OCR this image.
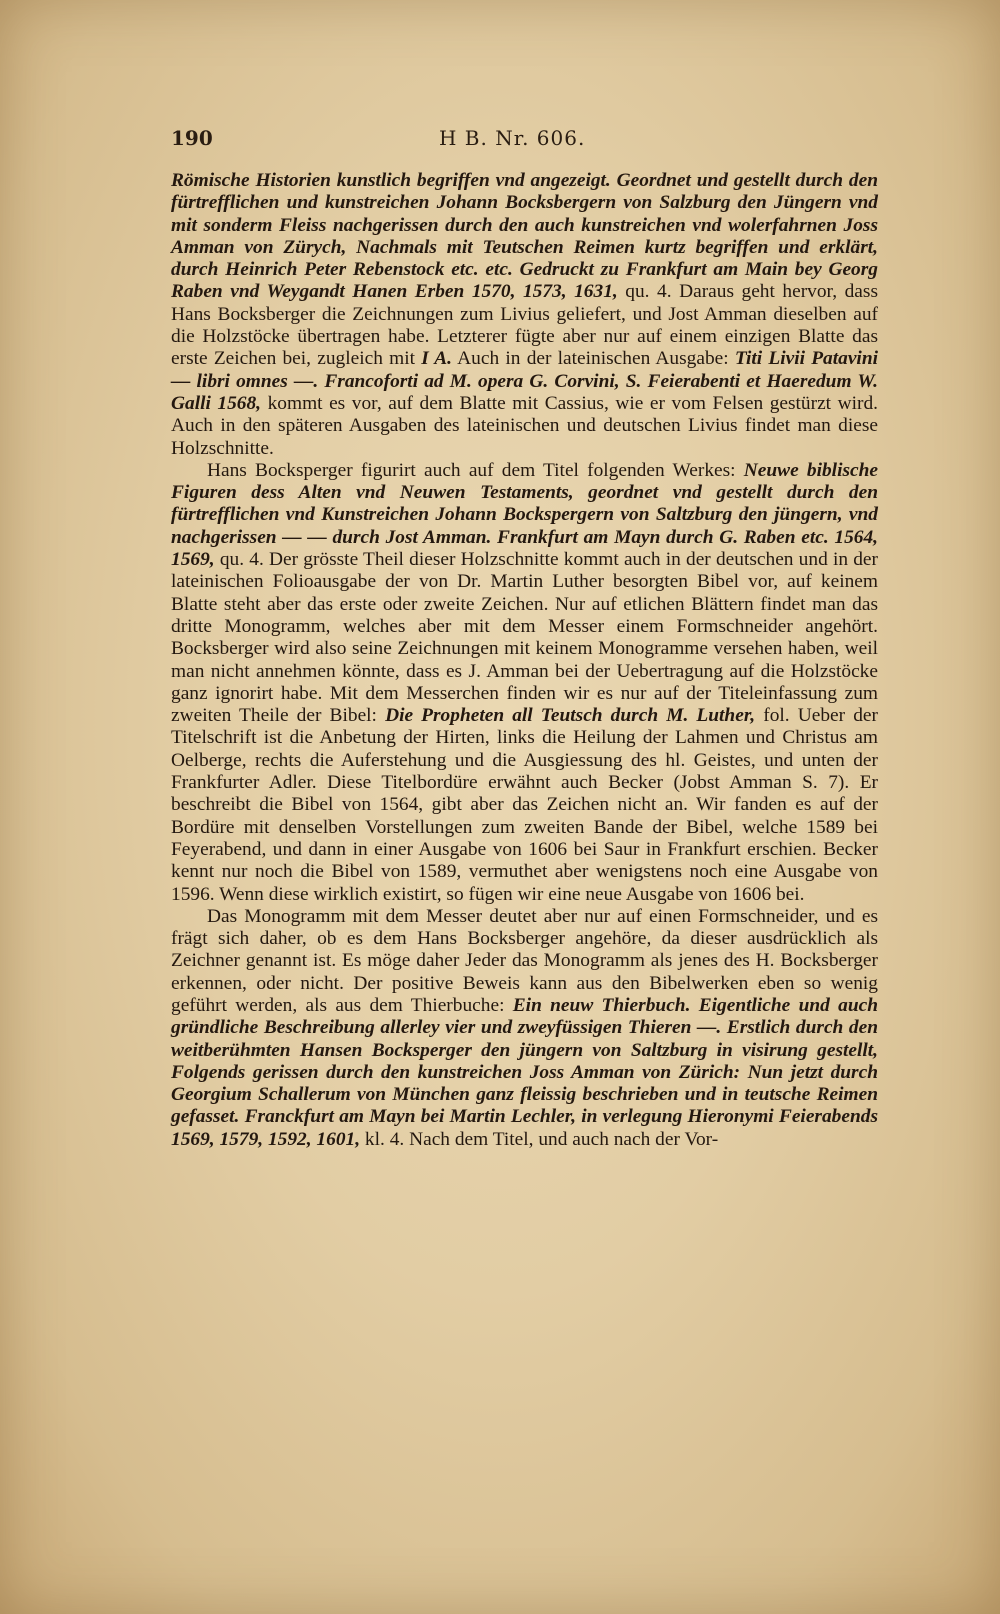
190	H B. Nr. 606.

Römische Historien kunstlich begriffen vnd angezeigt. Geordnet und gestellt durch den fürtrefflichen und kunstreichen Johann Bocksbergern von Salzburg den Jüngern vnd mit sonderm Fleiss nachgerissen durch den auch kunstreichen vnd wolerfahrnen Joss Amman von Zürych, Nachmals mit Teutschen Reimen kurtz begriffen und erklärt, durch Heinrich Peter Rebenstock etc. etc. Gedruckt zu Frankfurt am Main bey Georg Raben vnd Weygandt Hanen Erben 1570, 1573, 1631, qu. 4. Daraus geht hervor, dass Hans Bocksberger die Zeichnungen zum Livius geliefert, und Jost Amman dieselben auf die Holzstöcke übertragen habe. Letzterer fügte aber nur auf einem einzigen Blatte das erste Zeichen bei, zugleich mit I A. Auch in der lateinischen Ausgabe: Titi Livii Patavini — libri omnes —. Francoforti ad M. opera G. Corvini, S. Feierabenti et Haeredum W. Galli 1568, kommt es vor, auf dem Blatte mit Cassius, wie er vom Felsen gestürzt wird. Auch in den späteren Ausgaben des lateinischen und deutschen Livius findet man diese Holzschnitte.

Hans Bocksperger figurirt auch auf dem Titel folgenden Werkes: Neuwe biblische Figuren dess Alten vnd Neuwen Testaments, geordnet vnd gestellt durch den fürtrefflichen vnd Kunstreichen Johann Bockspergern von Saltzburg den jüngern, vnd nachgerissen — — durch Jost Amman. Frankfurt am Mayn durch G. Raben etc. 1564, 1569, qu. 4. Der grösste Theil dieser Holzschnitte kommt auch in der deutschen und in der lateinischen Folioausgabe der von Dr. Martin Luther besorgten Bibel vor, auf keinem Blatte steht aber das erste oder zweite Zeichen. Nur auf etlichen Blättern findet man das dritte Monogramm, welches aber mit dem Messer einem Formschneider angehört. Bocksberger wird also seine Zeichnungen mit keinem Monogramme versehen haben, weil man nicht annehmen könnte, dass es J. Amman bei der Uebertragung auf die Holzstöcke ganz ignorirt habe. Mit dem Messerchen finden wir es nur auf der Titeleinfassung zum zweiten Theile der Bibel: Die Propheten all Teutsch durch M. Luther, fol. Ueber der Titelschrift ist die Anbetung der Hirten, links die Heilung der Lahmen und Christus am Oelberge, rechts die Auferstehung und die Ausgiessung des hl. Geistes, und unten der Frankfurter Adler. Diese Titelbordüre erwähnt auch Becker (Jobst Amman S. 7). Er beschreibt die Bibel von 1564, gibt aber das Zeichen nicht an. Wir fanden es auf der Bordüre mit denselben Vorstellungen zum zweiten Bande der Bibel, welche 1589 bei Feyerabend, und dann in einer Ausgabe von 1606 bei Saur in Frankfurt erschien. Becker kennt nur noch die Bibel von 1589, vermuthet aber wenigstens noch eine Ausgabe von 1596. Wenn diese wirklich existirt, so fügen wir eine neue Ausgabe von 1606 bei.

Das Monogramm mit dem Messer deutet aber nur auf einen Formschneider, und es frägt sich daher, ob es dem Hans Bocksberger angehöre, da dieser ausdrücklich als Zeichner genannt ist. Es möge daher Jeder das Monogramm als jenes des H. Bocksberger erkennen, oder nicht. Der positive Beweis kann aus den Bibelwerken eben so wenig geführt werden, als aus dem Thierbuche: Ein neuw Thierbuch. Eigentliche und auch gründliche Beschreibung allerley vier und zweyfüssigen Thieren —. Erstlich durch den weitberühmten Hansen Bocksperger den jüngern von Saltzburg in visirung gestellt, Folgends gerissen durch den kunstreichen Joss Amman von Zürich: Nun jetzt durch Georgium Schallerum von München ganz fleissig beschrieben und in teutsche Reimen gefasset. Franckfurt am Mayn bei Martin Lechler, in verlegung Hieronymi Feierabends 1569, 1579, 1592, 1601, kl. 4. Nach dem Titel, und auch nach der Vor-
